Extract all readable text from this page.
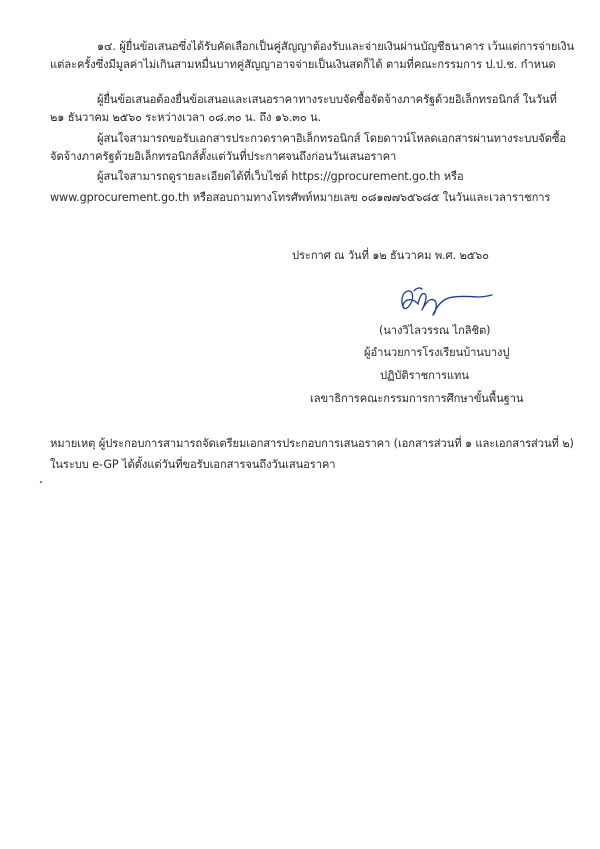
๑๔. ผู้ยื่นข้อเสนอซึ่งได้รับคัดเลือกเป็นคู่สัญญาต้องรับและจ่ายเงินผ่านบัญชีธนาคาร เว้นแต่การจ่ายเงิน
แต่ละครั้งซึ่งมีมูลค่าไม่เกินสามหมื่นบาทคู่สัญญาอาจจ่ายเป็นเงินสดก็ได้ ตามที่คณะกรรมการ ป.ป.ช. กำหนด
ผู้ยื่นข้อเสนอต้องยื่นข้อเสนอและเสนอราคาทางระบบจัดซื้อจัดจ้างภาครัฐด้วยอิเล็กทรอนิกส์ ในวันที่
๒๑ ธันวาคม ๒๕๖๐ ระหว่างเวลา ๐๘.๓๐ น. ถึง ๑๖.๓๐ น.
ผู้สนใจสามารถขอรับเอกสารประกวดราคาอิเล็กทรอนิกส์ โดยดาวน์โหลดเอกสารผ่านทางระบบจัดซื้อ
จัดจ้างภาครัฐด้วยอิเล็กทรอนิกส์ตั้งแต่วันที่ประกาศจนถึงก่อนวันเสนอราคา
ผู้สนใจสามารถดูรายละเอียดได้ที่เว็บไซต์ https://gprocurement.go.th หรือ
www.gprocurement.go.th หรือสอบถามทางโทรศัพท์หมายเลข ๐๘๑๗๗๖๕๖๘๕ ในวันและเวลาราชการ
ประกาศ ณ วันที่ ๑๒ ธันวาคม พ.ศ. ๒๕๖๐
(นางวิไลวรรณ ไกลิชิต)
ผู้อำนวยการโรงเรียนบ้านบางปู
ปฏิบัติราชการแทน
เลขาธิการคณะกรรมการการศึกษาขั้นพื้นฐาน
หมายเหตุ ผู้ประกอบการสามารถจัดเตรียมเอกสารประกอบการเสนอราคา (เอกสารส่วนที่ ๑ และเอกสารส่วนที่ ๒)
ในระบบ e-GP ได้ตั้งแต่วันที่ขอรับเอกสารจนถึงวันเสนอราคา
